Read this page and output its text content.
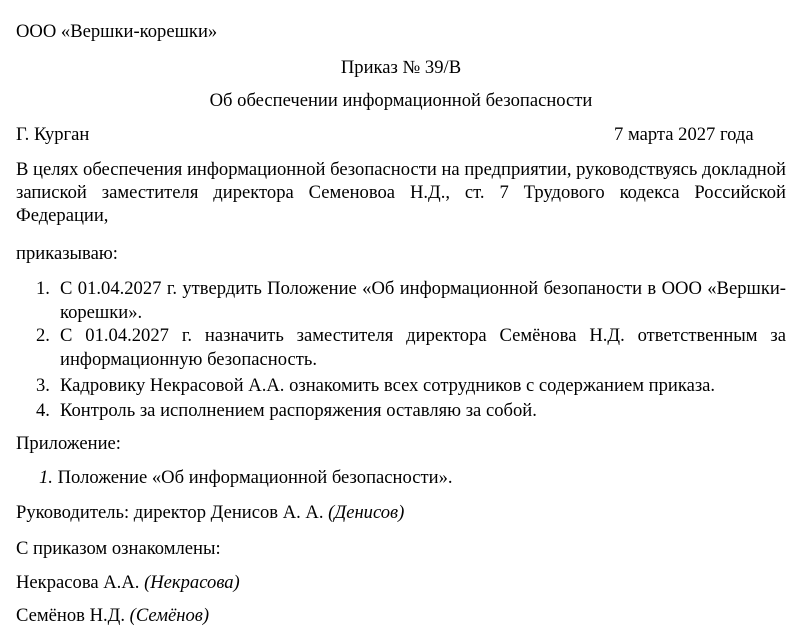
ООО «Вершки-корешки»
Приказ № 39/В
Об обеспечении информационной безопасности
Г. Курган	7 марта 2027 года
В целях обеспечения информационной безопасности на предприятии, руководствуясь докладной запиской заместителя директора Семеновоа Н.Д., ст. 7 Трудового кодекса Российской Федерации,
приказываю:
1. С 01.04.2027 г. утвердить Положение «Об информационной безопаности в ООО «Вершки-корешки».
2. С 01.04.2027 г. назначить заместителя директора Семёнова Н.Д. ответственным за информационную безопасность.
3. Кадровику Некрасовой А.А. ознакомить всех сотрудников с содержанием приказа.
4. Контроль за исполнением распоряжения оставляю за собой.
Приложение:
1. Положение «Об информационной безопасности».
Руководитель: директор Денисов А. А. (Денисов)
С приказом ознакомлены:
Некрасова А.А. (Некрасова)
Семёнов Н.Д. (Семёнов)
